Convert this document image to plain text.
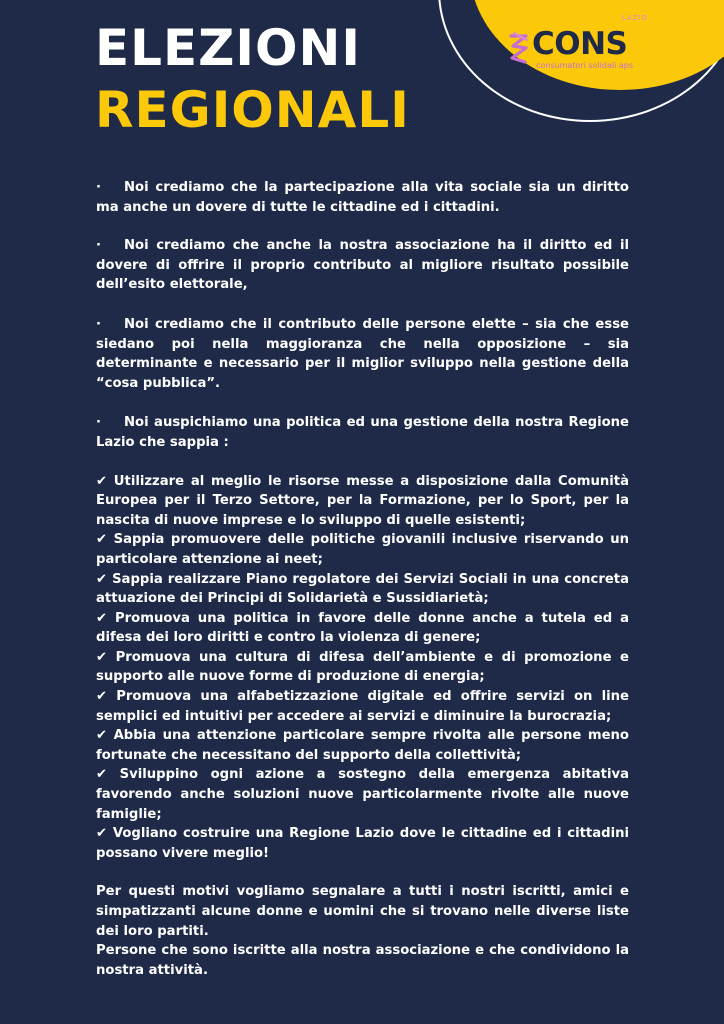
LAZIO
CONS
consumatori solidali aps
ELEZIONI
REGIONALI

· Noi crediamo che la partecipazione alla vita sociale sia un diritto ma anche un dovere di tutte le cittadine ed i cittadini.

· Noi crediamo che anche la nostra associazione ha il diritto ed il dovere di offrire il proprio contributo al migliore risultato possibile dell’esito elettorale,

· Noi crediamo che il contributo delle persone elette – sia che esse siedano poi nella maggioranza che nella opposizione – sia determinante e necessario per il miglior sviluppo nella gestione della “cosa pubblica”.

· Noi auspichiamo una politica ed una gestione della nostra Regione Lazio che sappia :

✔ Utilizzare al meglio le risorse messe a disposizione dalla Comunità Europea per il Terzo Settore, per la Formazione, per lo Sport, per la nascita di nuove imprese e lo sviluppo di quelle esistenti;

✔ Sappia promuovere delle politiche giovanili inclusive riservando un particolare attenzione ai neet;

✔ Sappia realizzare Piano regolatore dei Servizi Sociali in una concreta attuazione dei Principi di Solidarietà e Sussidiarietà;

✔ Promuova una politica in favore delle donne anche a tutela ed a difesa dei loro diritti e contro la violenza di genere;

✔ Promuova una cultura di difesa dell’ambiente e di promozione e supporto alle nuove forme di produzione di energia;

✔ Promuova una alfabetizzazione digitale ed offrire servizi on line semplici ed intuitivi per accedere ai servizi e diminuire la burocrazia;

✔ Abbia una attenzione particolare sempre rivolta alle persone meno fortunate che necessitano del supporto della collettività;

✔ Sviluppino ogni azione a sostegno della emergenza abitativa favorendo anche soluzioni nuove particolarmente rivolte alle nuove famiglie;

✔ Vogliano costruire una Regione Lazio dove le cittadine ed i cittadini possano vivere meglio!

Per questi motivi vogliamo segnalare a tutti i nostri iscritti, amici e simpatizzanti alcune donne e uomini che si trovano nelle diverse liste dei loro partiti.

Persone che sono iscritte alla nostra associazione e che condividono la nostra attività.
